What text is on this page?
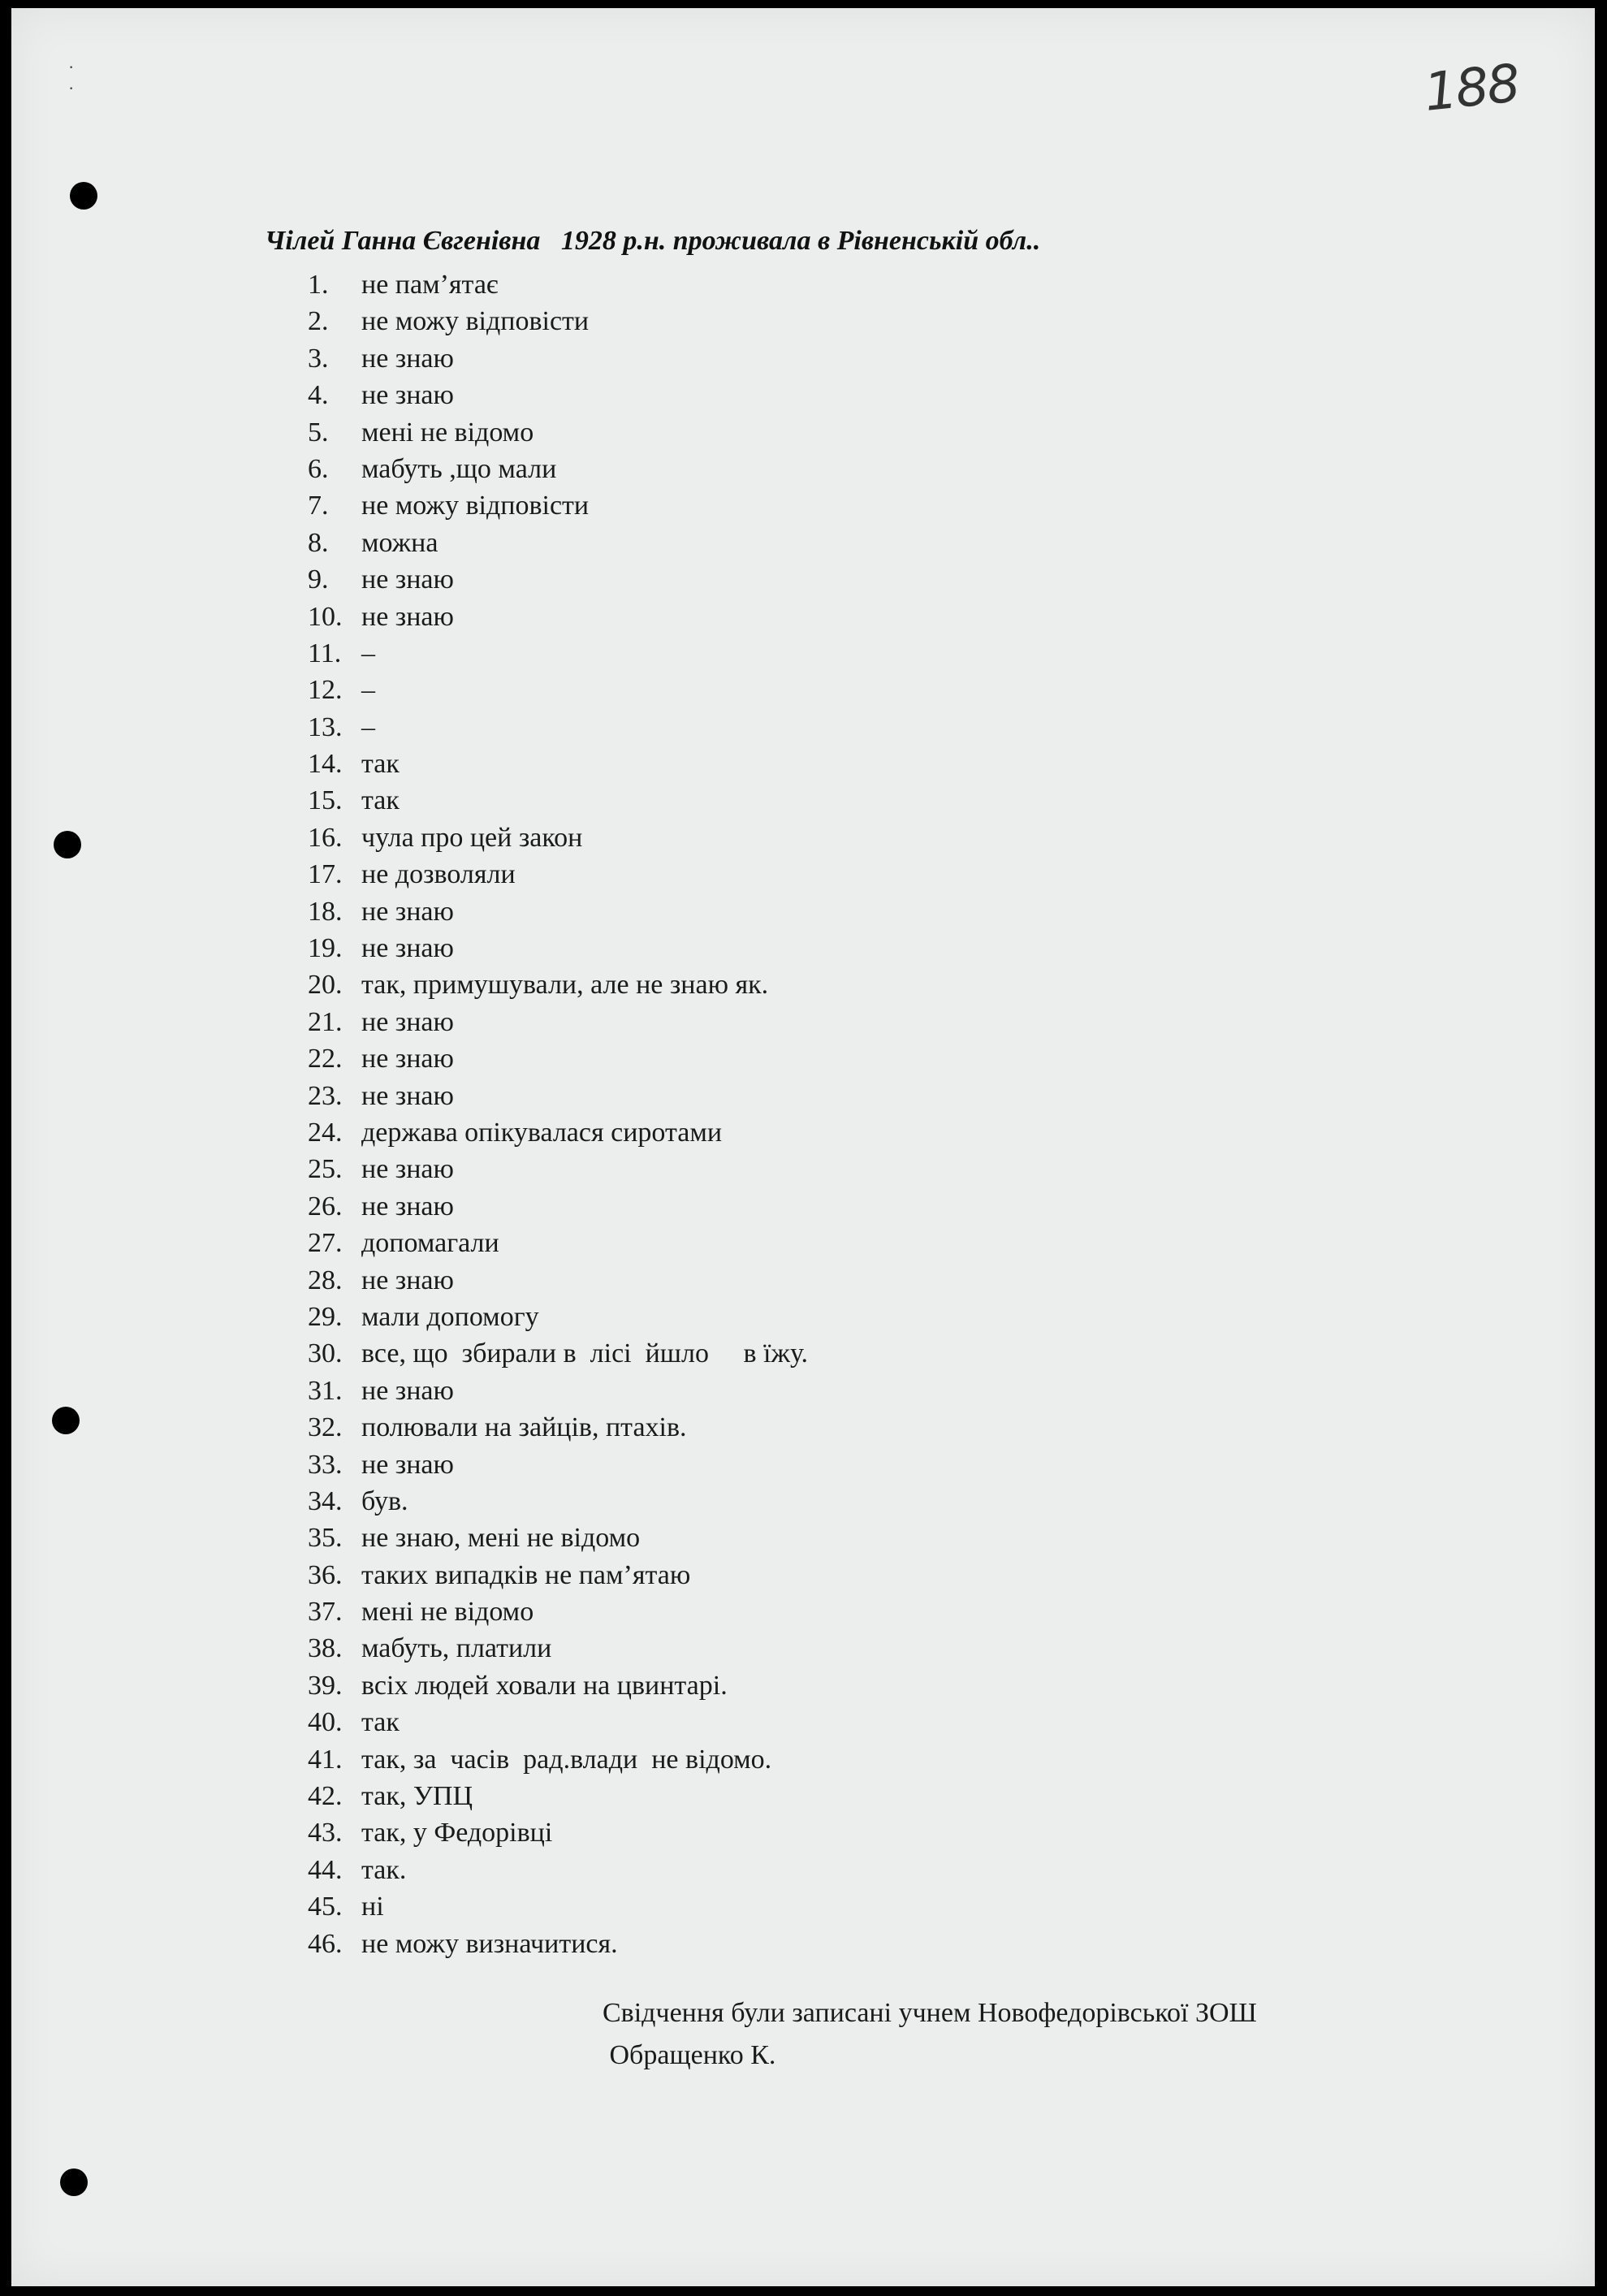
·
·	188
Чілей Ганна Євгенівна   1928 р.н. проживала в Рівненській обл..
1. не пам’ятає
2. не можу відповісти
3. не знаю
4. не знаю
5. мені не відомо
6. мабуть ,що мали
7. не можу відповісти
8. можна
9. не знаю
10. не знаю
11. –
12. –
13. –
14. так
15. так
16. чула про цей закон
17. не дозволяли
18. не знаю
19. не знаю
20. так, примушували, але не знаю як.
21. не знаю
22. не знаю
23. не знаю
24. держава опікувалася сиротами
25. не знаю
26. не знаю
27. допомагали
28. не знаю
29. мали допомогу
30. все, що  збирали в  лісі  йшло     в їжу.
31. не знаю
32. полювали на зайців, птахів.
33. не знаю
34. був.
35. не знаю, мені не відомо
36. таких випадків не пам’ятаю
37. мені не відомо
38. мабуть, платили
39. всіх людей ховали на цвинтарі.
40. так
41. так, за  часів  рад.влади  не відомо.
42. так, УПЦ
43. так, у Федорівці
44. так.
45. ні
46. не можу визначитися.
Свідчення були записані учнем Новофедорівської ЗОШ
Обращенко К.
